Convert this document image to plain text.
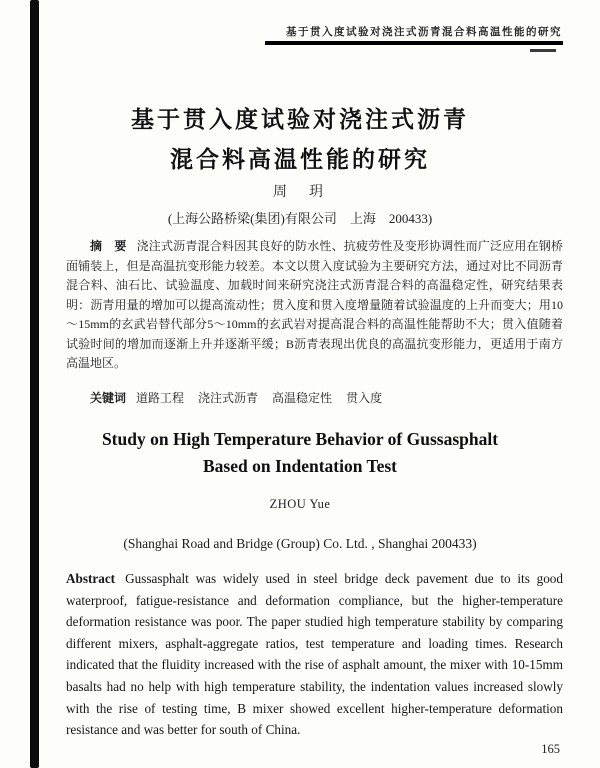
基于贯入度试验对浇注式沥青混合料高温性能的研究
基于贯入度试验对浇注式沥青
混合料高温性能的研究
周　玥
(上海公路桥梁(集团)有限公司　上海　200433)
摘　要 浇注式沥青混合料因其良好的防水性、抗疲劳性及变形协调性而广泛应用在钢桥面铺装上，但是高温抗变形能力较差。本文以贯入度试验为主要研究方法，通过对比不同沥青混合料、油石比、试验温度、加载时间来研究浇注式沥青混合料的高温稳定性，研究结果表明：沥青用量的增加可以提高流动性；贯入度和贯入度增量随着试验温度的上升而变大；用10～15mm的玄武岩替代部分5～10mm的玄武岩对提高混合料的高温性能帮助不大；贯入值随着试验时间的增加而逐渐上升并逐渐平缓；B沥青表现出优良的高温抗变形能力，更适用于南方高温地区。
关键词 道路工程 浇注式沥青 高温稳定性 贯入度
Study on High Temperature Behavior of Gussasphalt
Based on Indentation Test
ZHOU Yue
(Shanghai Road and Bridge (Group) Co. Ltd. , Shanghai 200433)
Abstract Gussasphalt was widely used in steel bridge deck pavement due to its good waterproof, fatigue-resistance and deformation compliance, but the higher-temperature deformation resistance was poor. The paper studied high temperature stability by comparing different mixers, asphalt-aggregate ratios, test temperature and loading times. Research indicated that the fluidity increased with the rise of asphalt amount, the mixer with 10-15mm basalts had no help with high temperature stability, the indentation values increased slowly with the rise of testing time, B mixer showed excellent higher-temperature deformation resistance and was better for south of China.
165
